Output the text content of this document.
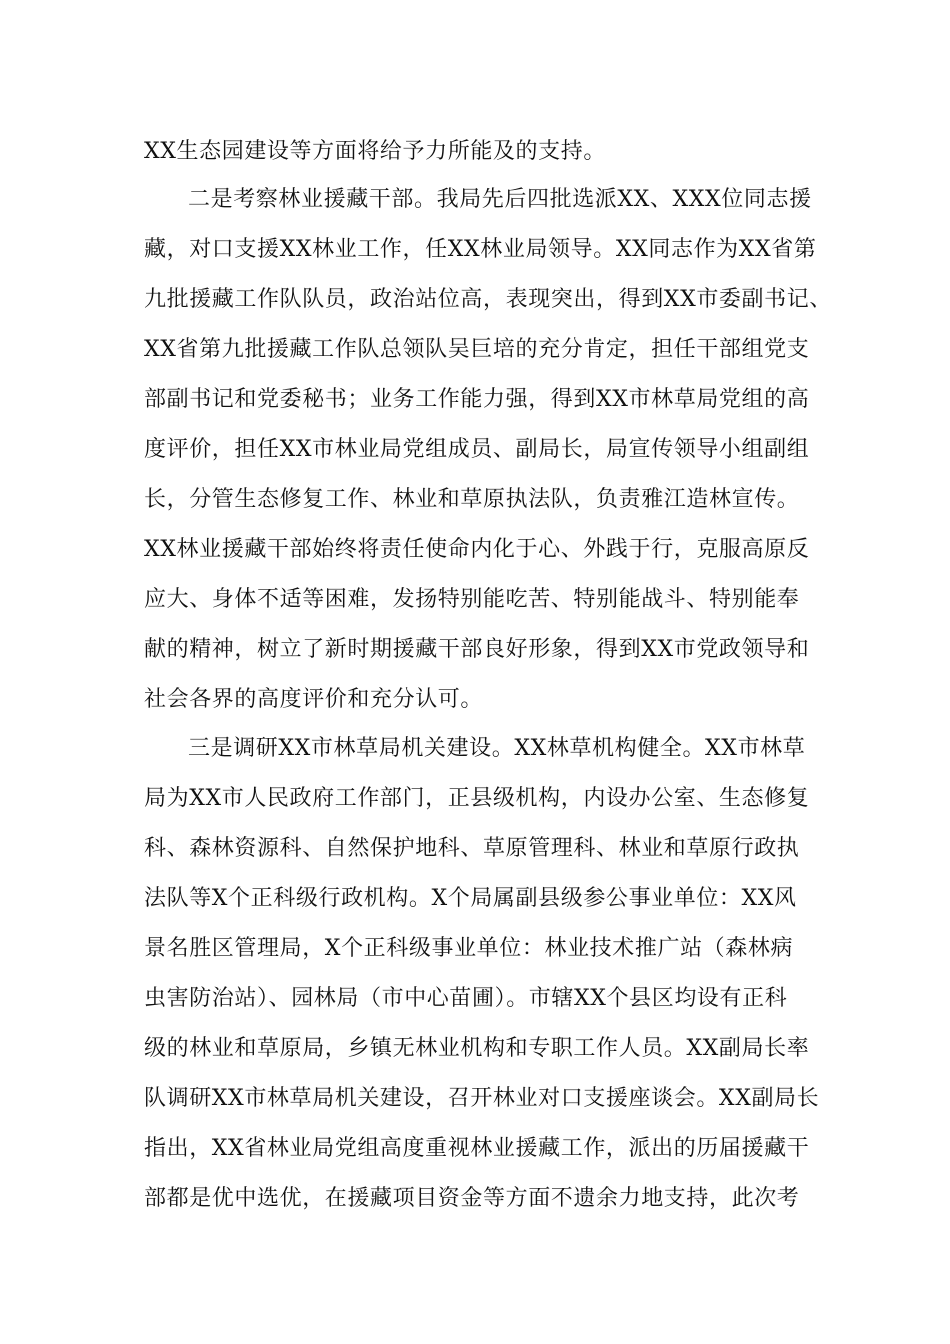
XX生态园建设等方面将给予力所能及的支持。
二是考察林业援藏干部。我局先后四批选派XX、XXX位同志援
藏，对口支援XX林业工作，任XX林业局领导。XX同志作为XX省第
九批援藏工作队队员，政治站位高，表现突出，得到XX市委副书记、
XX省第九批援藏工作队总领队吴巨培的充分肯定，担任干部组党支
部副书记和党委秘书；业务工作能力强，得到XX市林草局党组的高
度评价，担任XX市林业局党组成员、副局长，局宣传领导小组副组
长，分管生态修复工作、林业和草原执法队，负责雅江造林宣传。
XX林业援藏干部始终将责任使命内化于心、外践于行，克服高原反
应大、身体不适等困难，发扬特别能吃苦、特别能战斗、特别能奉
献的精神，树立了新时期援藏干部良好形象，得到XX市党政领导和
社会各界的高度评价和充分认可。
三是调研XX市林草局机关建设。XX林草机构健全。XX市林草
局为XX市人民政府工作部门，正县级机构，内设办公室、生态修复
科、森林资源科、自然保护地科、草原管理科、林业和草原行政执
法队等X个正科级行政机构。X个局属副县级参公事业单位：XX风
景名胜区管理局，X个正科级事业单位：林业技术推广站（森林病
虫害防治站）、园林局（市中心苗圃）。市辖XX个县区均设有正科
级的林业和草原局，乡镇无林业机构和专职工作人员。XX副局长率
队调研XX市林草局机关建设，召开林业对口支援座谈会。XX副局长
指出，XX省林业局党组高度重视林业援藏工作，派出的历届援藏干
部都是优中选优，在援藏项目资金等方面不遗余力地支持，此次考
